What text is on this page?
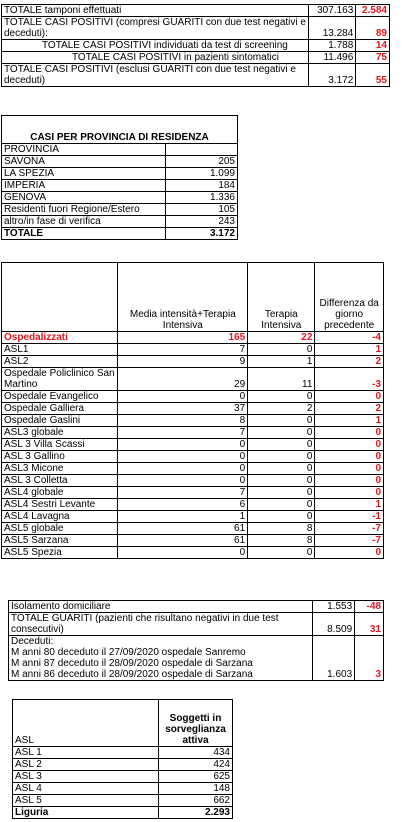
TOTALE tamponi effettuati	307.163	2.584
TOTALE CASI POSITIVI (compresi GUARITI con due test negativi e deceduti):	13.284	89
TOTALE CASI POSITIVI individuati da test di screening	1.788	14
TOTALE CASI POSITIVI in pazienti sintomatici	11.496	75
TOTALE CASI POSITIVI (esclusi GUARITI con due test negativi e deceduti)	3.172	55

CASI PER PROVINCIA DI RESIDENZA	
PROVINCIA	
SAVONA	205
LA SPEZIA	1.099
IMPERIA	184
GENOVA	1.336
Residenti fuori Regione/Estero	105
altro/in fase di verifica	243
TOTALE	3.172
	Media intensità+Terapia Intensiva	Terapia Intensiva	Differenza da giorno precedente
Ospedalizzati	165	22	-4
ASL1	7	0	1
ASL2	9	1	2
Ospedale Policlinico San Martino	29	11	-3
Ospedale Evangelico	0	0	0
Ospedale Galliera	37	2	2
Ospedale Gaslini	8	0	1
ASL3 globale	7	0	0
ASL 3 Villa Scassi	0	0	0
ASL 3 Gallino	0	0	0
ASL3 Micone	0	0	0
ASL 3 Colletta	0	0	0
ASL4 globale	7	0	0
ASL4 Sestri Levante	6	0	1
ASL4 Lavagna	1	0	-1
ASL5 globale	61	8	-7
ASL5 Sarzana	61	8	-7
ASL5 Spezia	0	0	0
Isolamento domiciliare	1.553	-48
TOTALE GUARITI (pazienti che risultano negativi in due test consecutivi)	8.509	31

Deceduti:
M anni 80 deceduto il 27/09/2020 ospedale Sanremo
M anni 87 deceduto il 28/09/2020 ospedale di Sarzana
M anni 86 deceduto il 28/09/2020 ospedale di Sarzana	1.603	3
ASL	Soggetti in sorveglianza attiva
ASL 1	434
ASL 2	424
ASL 3	625
ASL 4	148
ASL 5	662
Liguria	2.293
